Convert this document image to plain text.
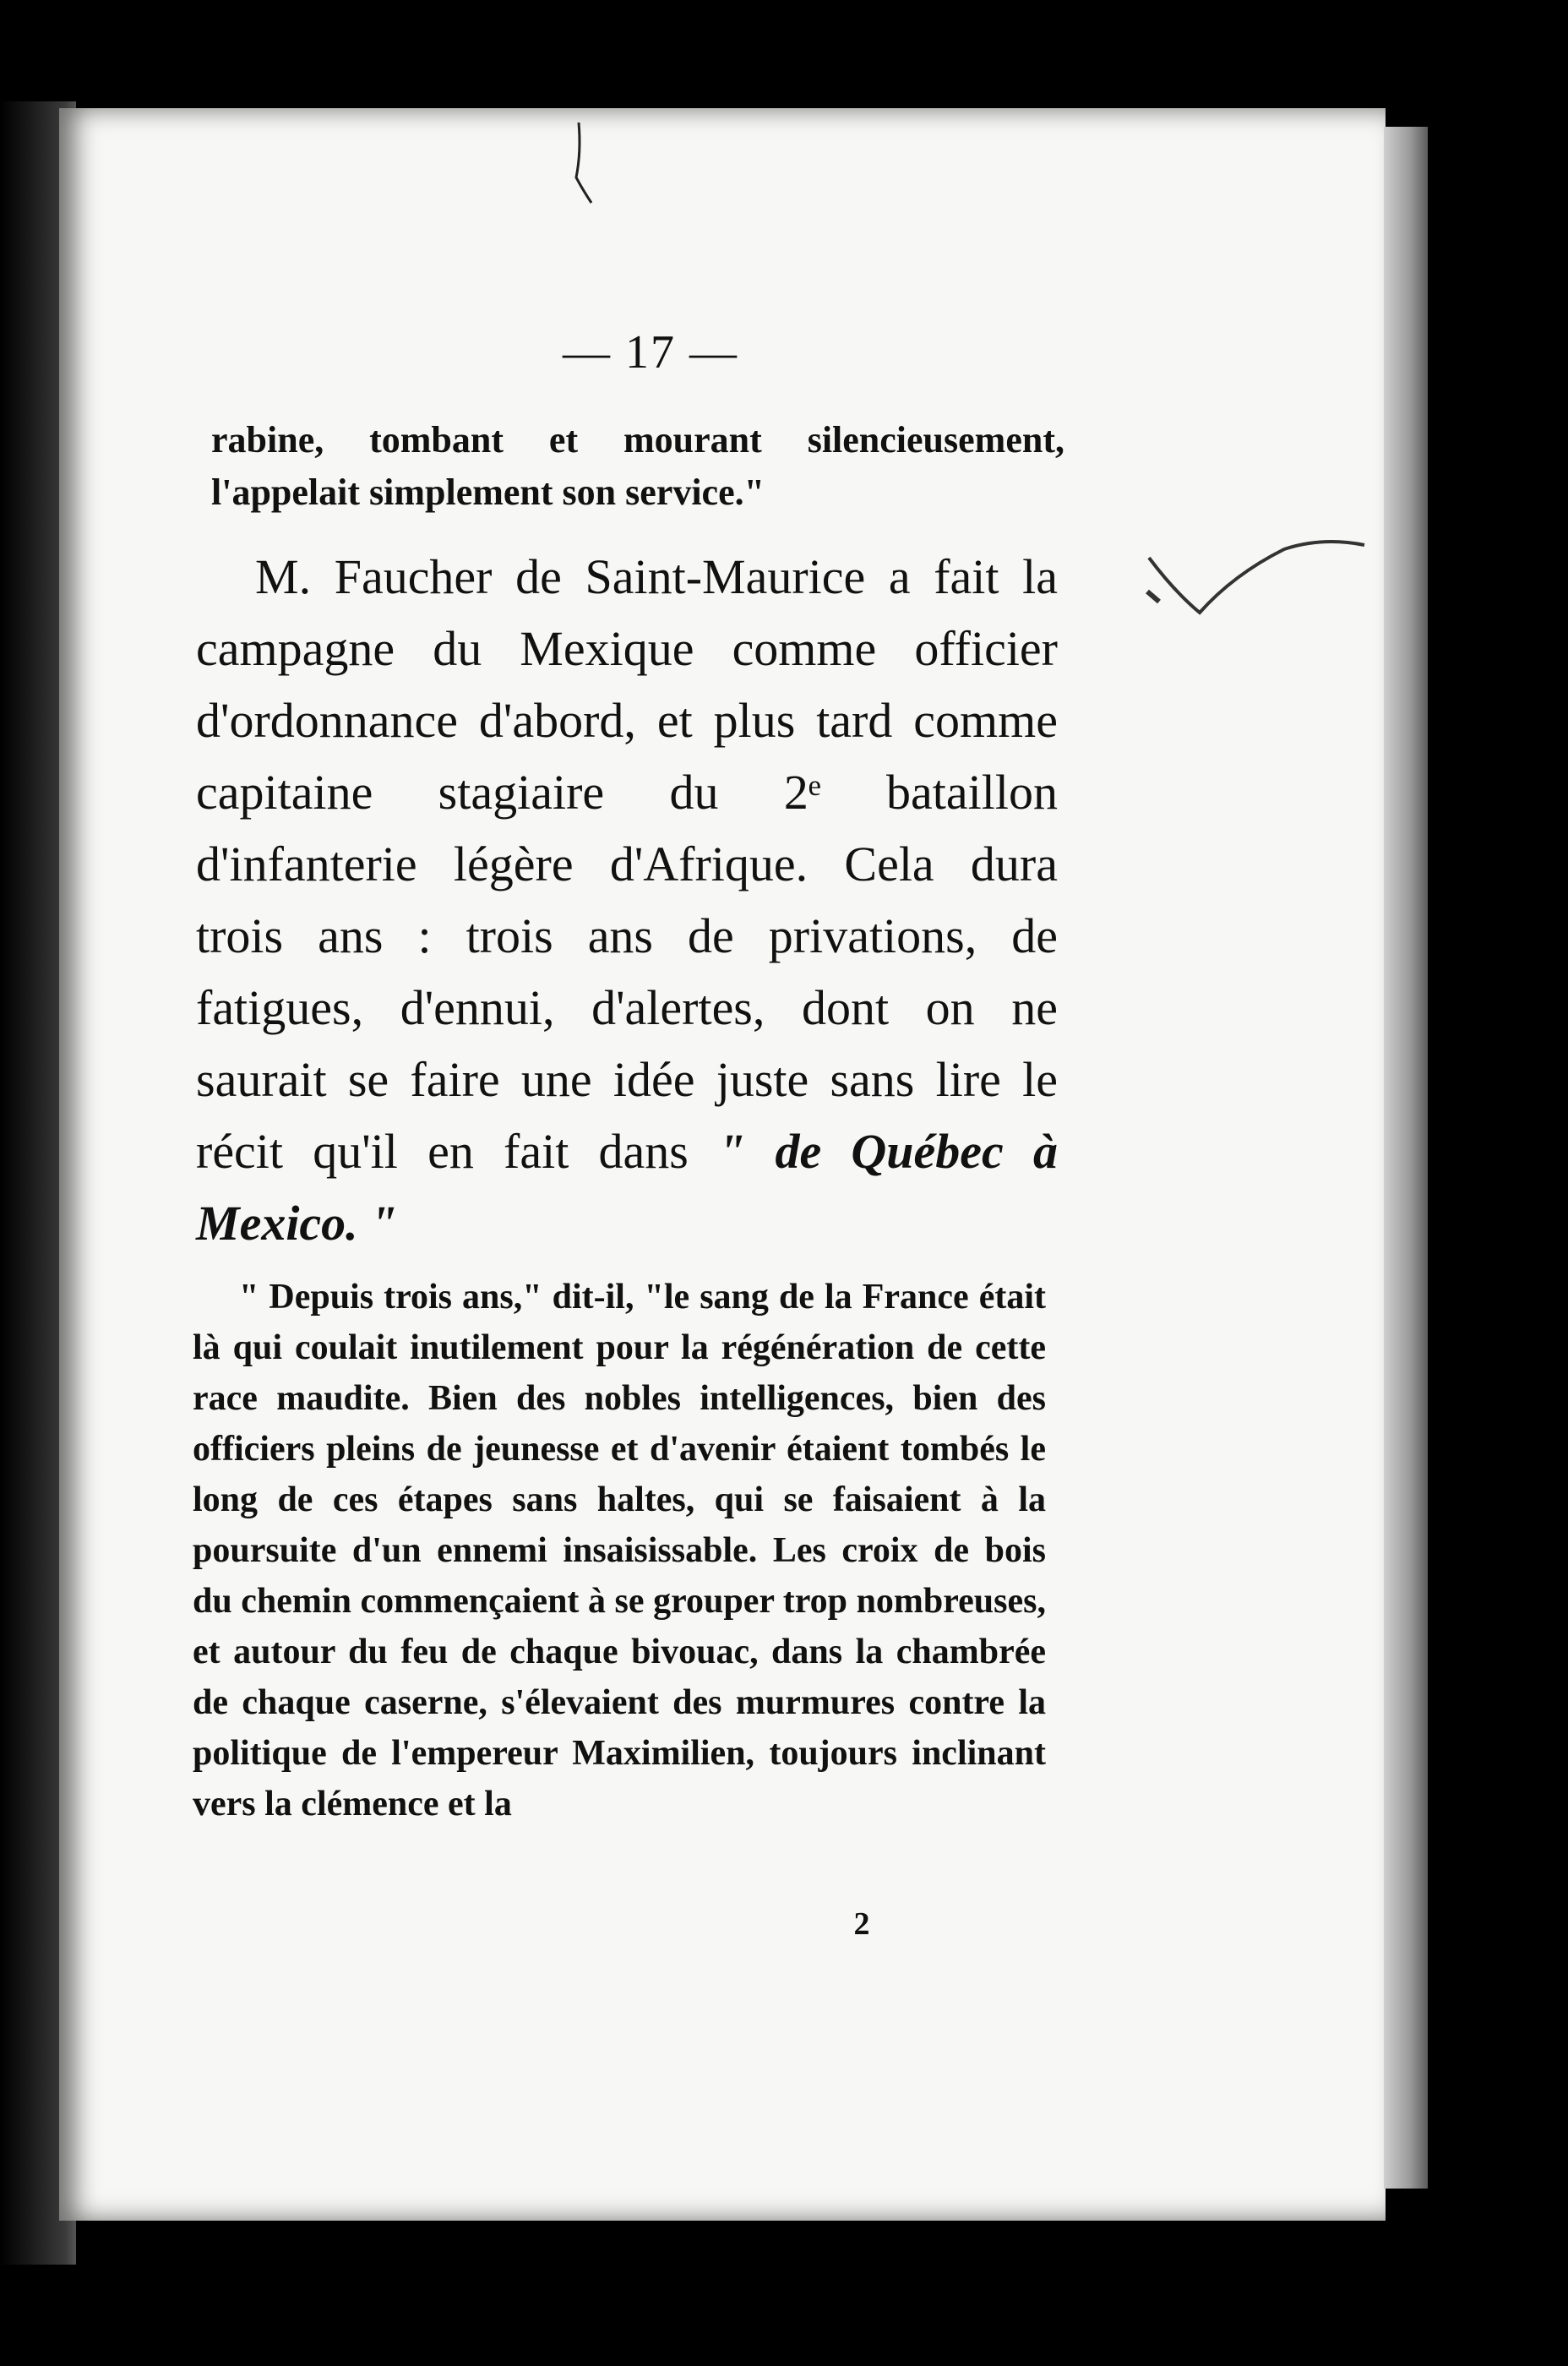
— 17 —
rabine, tombant et mourant silencieusement, l'appelait simplement son service."
M. Faucher de Saint-Maurice a fait la campagne du Mexique comme officier d'ordonnance d'abord, et plus tard comme capitaine stagiaire du 2ᵉ bataillon d'infanterie légère d'Afrique. Cela dura trois ans : trois ans de privations, de fatigues, d'ennui, d'alertes, dont on ne saurait se faire une idée juste sans lire le récit qu'il en fait dans " de Québec à Mexico. "
" Depuis trois ans," dit-il, "le sang de la France était là qui coulait inutilement pour la régénération de cette race maudite. Bien des nobles intelligences, bien des officiers pleins de jeunesse et d'avenir étaient tombés le long de ces étapes sans haltes, qui se faisaient à la poursuite d'un ennemi insaisissable. Les croix de bois du chemin commençaient à se grouper trop nombreuses, et autour du feu de chaque bivouac, dans la chambrée de chaque caserne, s'élevaient des murmures contre la politique de l'empereur Maximilien, toujours inclinant vers la clémence et la
2
